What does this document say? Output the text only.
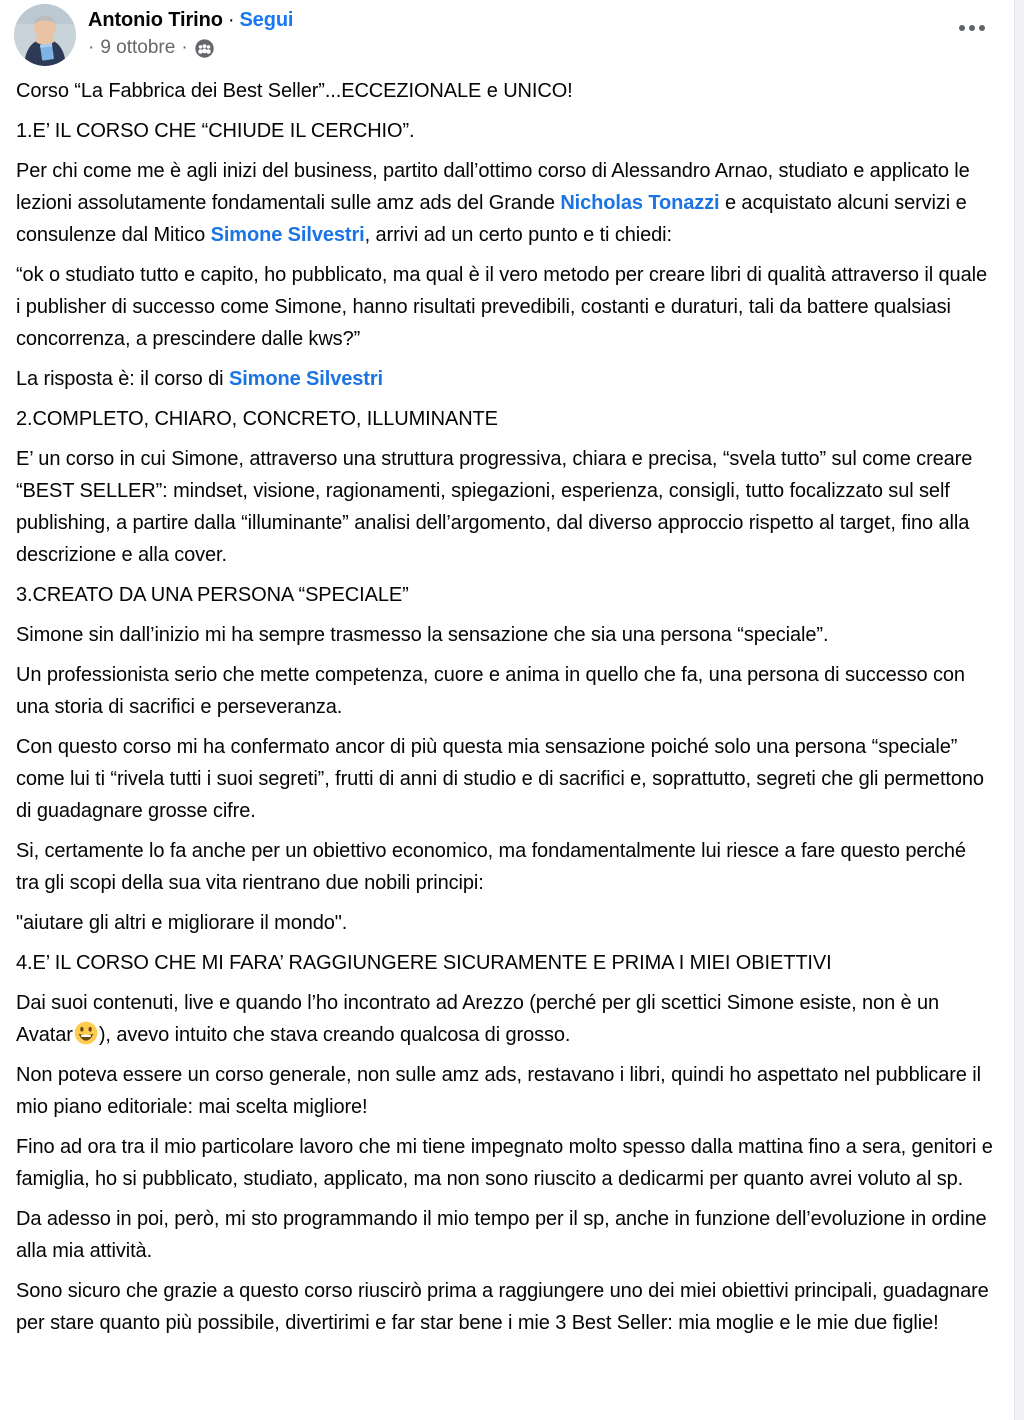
Antonio Tirino · Segui
· 9 ottobre ·

Corso “La Fabbrica dei Best Seller”...ECCEZIONALE e UNICO!

1.E’ IL CORSO CHE “CHIUDE IL CERCHIO”.

Per chi come me è agli inizi del business, partito dall’ottimo corso di Alessandro Arnao, studiato e applicato le lezioni assolutamente fondamentali sulle amz ads del Grande Nicholas Tonazzi e acquistato alcuni servizi e consulenze dal Mitico Simone Silvestri, arrivi ad un certo punto e ti chiedi:

“ok o studiato tutto e capito, ho pubblicato, ma qual è il vero metodo per creare libri di qualità attraverso il quale i publisher di successo come Simone, hanno risultati prevedibili, costanti e duraturi, tali da battere qualsiasi concorrenza, a prescindere dalle kws?”

La risposta è: il corso di Simone Silvestri

2.COMPLETO, CHIARO, CONCRETO, ILLUMINANTE

E’ un corso in cui Simone, attraverso una struttura progressiva, chiara e precisa, “svela tutto” sul come creare “BEST SELLER”: mindset, visione, ragionamenti, spiegazioni, esperienza, consigli, tutto focalizzato sul self publishing, a partire dalla “illuminante” analisi dell’argomento, dal diverso approccio rispetto al target, fino alla descrizione e alla cover.

3.CREATO DA UNA PERSONA “SPECIALE”

Simone sin dall’inizio mi ha sempre trasmesso la sensazione che sia una persona “speciale”.

Un professionista serio che mette competenza, cuore e anima in quello che fa, una persona di successo con una storia di sacrifici e perseveranza.

Con questo corso mi ha confermato ancor di più questa mia sensazione poiché solo una persona “speciale” come lui ti “rivela tutti i suoi segreti”, frutti di anni di studio e di sacrifici e, soprattutto, segreti che gli permettono di guadagnare grosse cifre.

Si, certamente lo fa anche per un obiettivo economico, ma fondamentalmente lui riesce a fare questo perché tra gli scopi della sua vita rientrano due nobili principi:

"aiutare gli altri e migliorare il mondo".

4.E’ IL CORSO CHE MI FARA’ RAGGIUNGERE SICURAMENTE E PRIMA I MIEI OBIETTIVI

Dai suoi contenuti, live e quando l’ho incontrato ad Arezzo (perché per gli scettici Simone esiste, non è un Avatar ), avevo intuito che stava creando qualcosa di grosso.

Non poteva essere un corso generale, non sulle amz ads, restavano i libri, quindi ho aspettato nel pubblicare il mio piano editoriale: mai scelta migliore!

Fino ad ora tra il mio particolare lavoro che mi tiene impegnato molto spesso dalla mattina fino a sera, genitori e famiglia, ho si pubblicato, studiato, applicato, ma non sono riuscito a dedicarmi per quanto avrei voluto al sp.

Da adesso in poi, però, mi sto programmando il mio tempo per il sp, anche in funzione dell’evoluzione in ordine alla mia attività.

Sono sicuro che grazie a questo corso riuscirò prima a raggiungere uno dei miei obiettivi principali, guadagnare per stare quanto più possibile, divertirimi e far star bene i mie 3 Best Seller: mia moglie e le mie due figlie!
